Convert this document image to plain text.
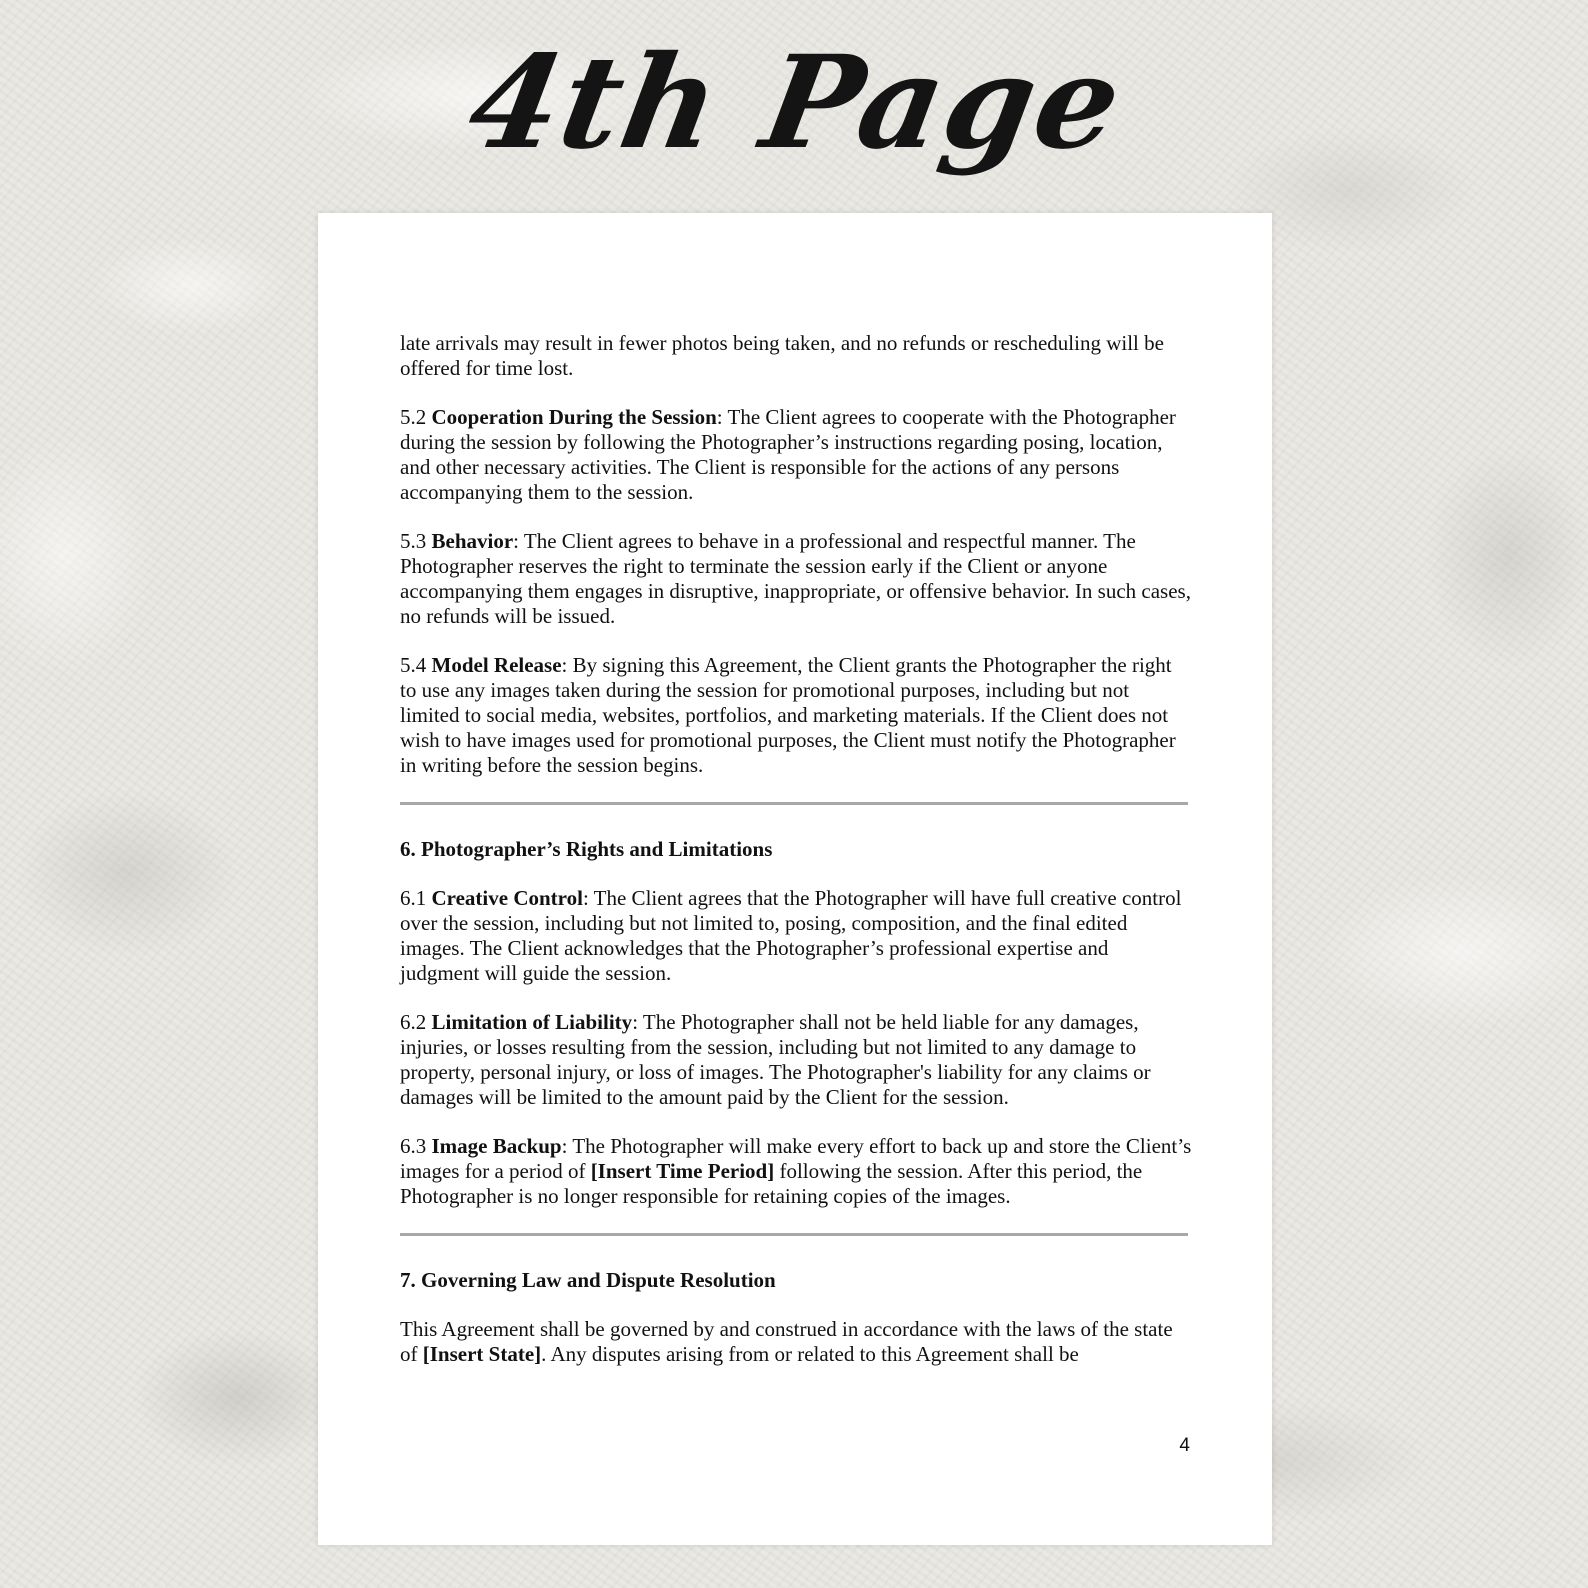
4th Page

late arrivals may result in fewer photos being taken, and no refunds or rescheduling will be offered for time lost.

5.2 Cooperation During the Session: The Client agrees to cooperate with the Photographer during the session by following the Photographer’s instructions regarding posing, location, and other necessary activities. The Client is responsible for the actions of any persons accompanying them to the session.

5.3 Behavior: The Client agrees to behave in a professional and respectful manner. The Photographer reserves the right to terminate the session early if the Client or anyone accompanying them engages in disruptive, inappropriate, or offensive behavior. In such cases, no refunds will be issued.

5.4 Model Release: By signing this Agreement, the Client grants the Photographer the right to use any images taken during the session for promotional purposes, including but not limited to social media, websites, portfolios, and marketing materials. If the Client does not wish to have images used for promotional purposes, the Client must notify the Photographer in writing before the session begins.

6. Photographer’s Rights and Limitations

6.1 Creative Control: The Client agrees that the Photographer will have full creative control over the session, including but not limited to, posing, composition, and the final edited images. The Client acknowledges that the Photographer’s professional expertise and judgment will guide the session.

6.2 Limitation of Liability: The Photographer shall not be held liable for any damages, injuries, or losses resulting from the session, including but not limited to any damage to property, personal injury, or loss of images. The Photographer's liability for any claims or damages will be limited to the amount paid by the Client for the session.

6.3 Image Backup: The Photographer will make every effort to back up and store the Client’s images for a period of [Insert Time Period] following the session. After this period, the Photographer is no longer responsible for retaining copies of the images.

7. Governing Law and Dispute Resolution

This Agreement shall be governed by and construed in accordance with the laws of the state of [Insert State]. Any disputes arising from or related to this Agreement shall be

4
